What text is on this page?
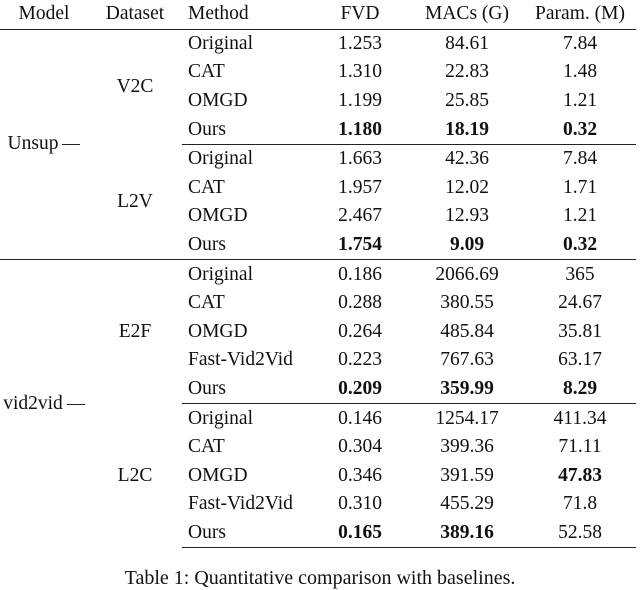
Model	Dataset	Method	FVD	MACs (G)	Param. (M)
Unsup	V2C	Original	1.253	84.61	7.84
		CAT	1.310	22.83	1.48
		OMGD	1.199	25.85	1.21
		Ours	1.180	18.19	0.32
	L2V	Original	1.663	42.36	7.84
		CAT	1.957	12.02	1.71
		OMGD	2.467	12.93	1.21
		Ours	1.754	9.09	0.32
vid2vid	E2F	Original	0.186	2066.69	365
		CAT	0.288	380.55	24.67
		OMGD	0.264	485.84	35.81
		Fast-Vid2Vid	0.223	767.63	63.17
		Ours	0.209	359.99	8.29
	L2C	Original	0.146	1254.17	411.34
		CAT	0.304	399.36	71.11
		OMGD	0.346	391.59	47.83
		Fast-Vid2Vid	0.310	455.29	71.8
		Ours	0.165	389.16	52.58
Table 1: Quantitative comparison with baselines.
